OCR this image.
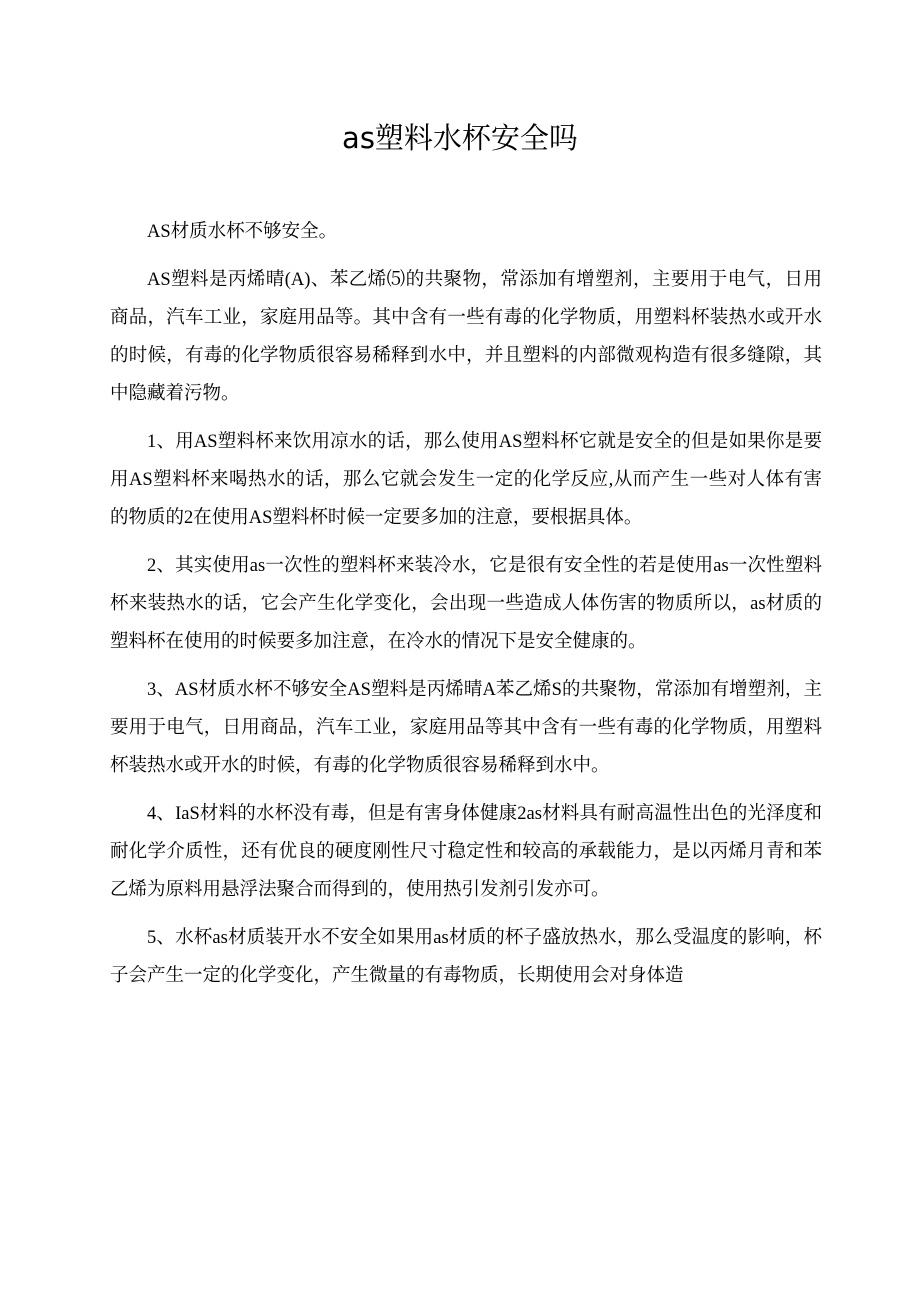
as塑料水杯安全吗

AS材质水杯不够安全。

AS塑料是丙烯晴(A)、苯乙烯⑸的共聚物，常添加有增塑剂，主要用于电气，日用商品，汽车工业，家庭用品等。其中含有一些有毒的化学物质，用塑料杯装热水或开水的时候，有毒的化学物质很容易稀释到水中，并且塑料的内部微观构造有很多缝隙，其中隐藏着污物。

1、用AS塑料杯来饮用凉水的话，那么使用AS塑料杯它就是安全的但是如果你是要用AS塑料杯来喝热水的话，那么它就会发生一定的化学反应,从而产生一些对人体有害的物质的2在使用AS塑料杯时候一定要多加的注意，要根据具体。

2、其实使用as一次性的塑料杯来装冷水，它是很有安全性的若是使用as一次性塑料杯来装热水的话，它会产生化学变化，会出现一些造成人体伤害的物质所以，as材质的塑料杯在使用的时候要多加注意，在冷水的情况下是安全健康的。

3、AS材质水杯不够安全AS塑料是丙烯晴A苯乙烯S的共聚物，常添加有增塑剂，主要用于电气，日用商品，汽车工业，家庭用品等其中含有一些有毒的化学物质，用塑料杯装热水或开水的时候，有毒的化学物质很容易稀释到水中。

4、IaS材料的水杯没有毒，但是有害身体健康2as材料具有耐高温性出色的光泽度和耐化学介质性，还有优良的硬度刚性尺寸稳定性和较高的承载能力，是以丙烯月青和苯乙烯为原料用悬浮法聚合而得到的，使用热引发剂引发亦可。

5、水杯as材质装开水不安全如果用as材质的杯子盛放热水，那么受温度的影响，杯子会产生一定的化学变化，产生微量的有毒物质，长期使用会对身体造
